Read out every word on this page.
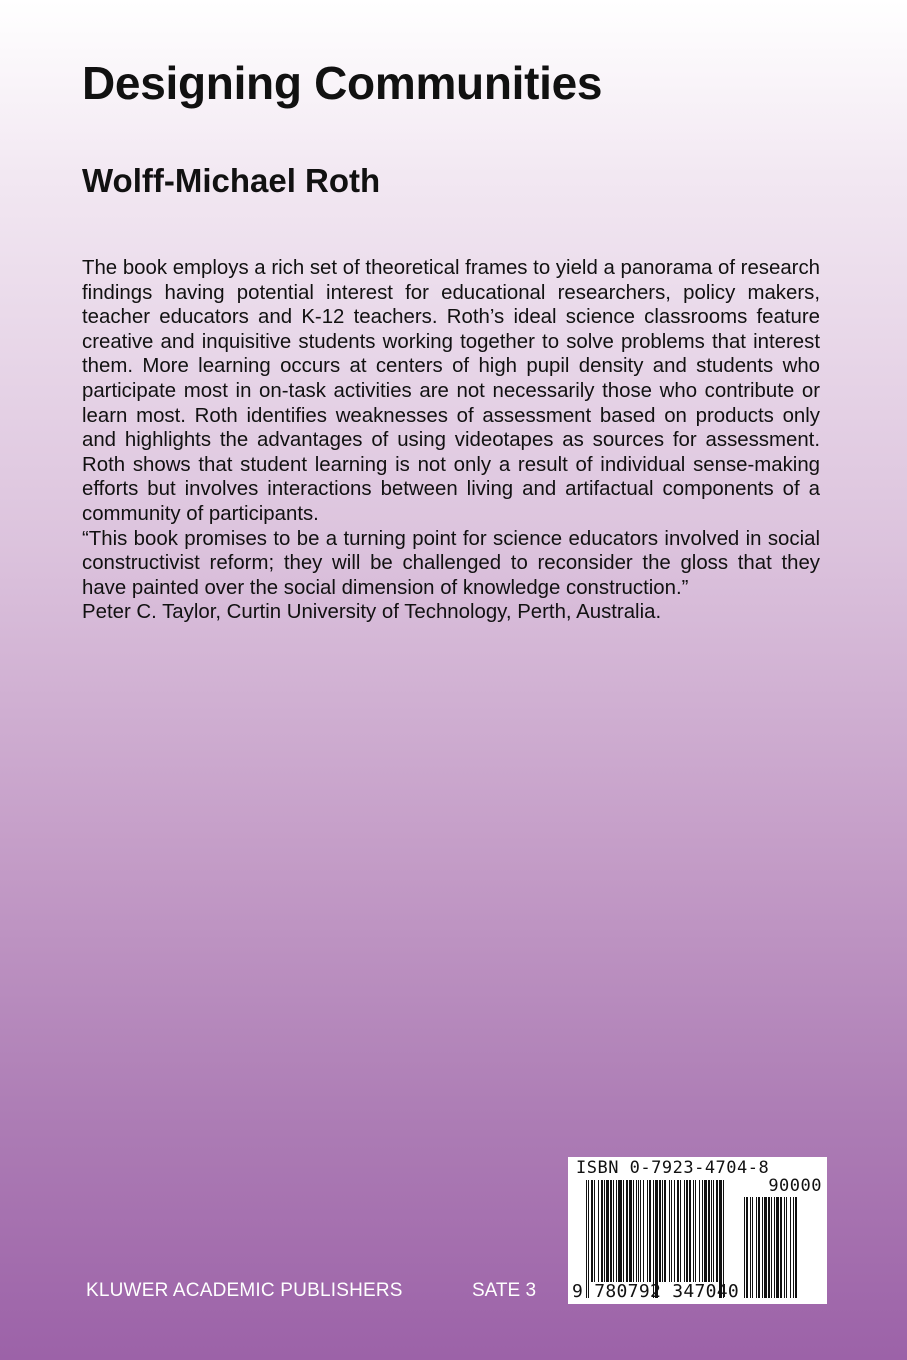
Designing Communities
Wolff-Michael Roth

The book employs a rich set of theoretical frames to yield a panorama of research findings having potential interest for educational researchers, policy makers, teacher educators and K-12 teachers. Roth’s ideal science classrooms feature creative and inquisitive students working together to solve problems that interest them. More learning occurs at centers of high pupil density and students who participate most in on-task activities are not necessarily those who contribute or learn most. Roth identifies weaknesses of assessment based on products only and highlights the advantages of using videotapes as sources for assessment. Roth shows that student learning is not only a result of individual sense-making efforts but involves interactions between living and artifactual components of a community of participants.

“This book promises to be a turning point for science educators involved in social constructivist reform; they will be challenged to reconsider the gloss that they have painted over the social dimension of knowledge construction.”

Peter C. Taylor, Curtin University of Technology, Perth, Australia.

KLUWER ACADEMIC PUBLISHERS	SATE 3
ISBN 0-7923-4704-8
90000
9 780792 347040
